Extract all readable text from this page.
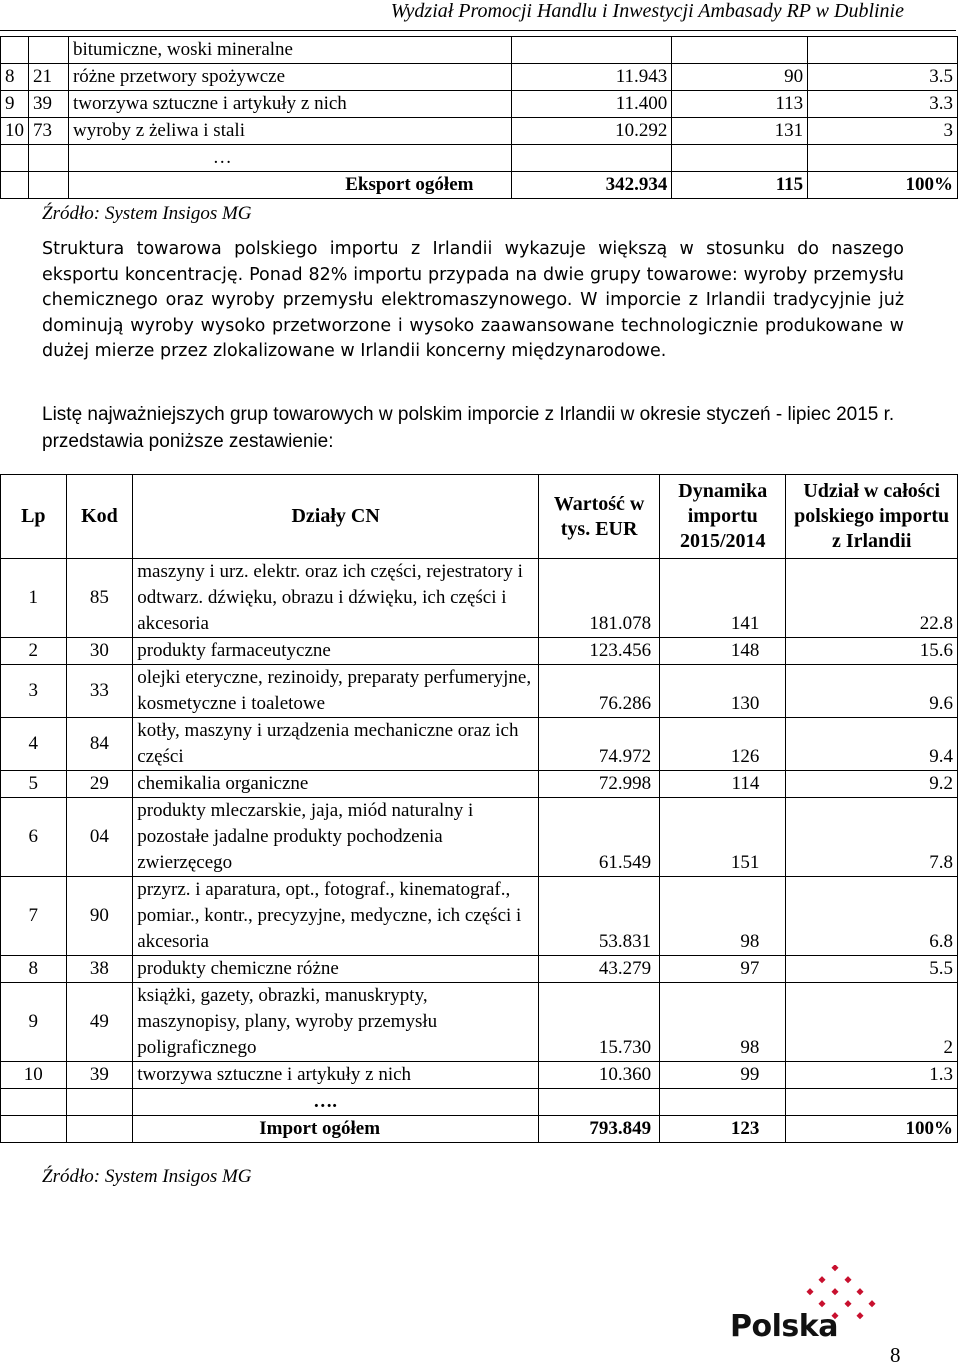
Wydział Promocji Handlu i Inwestycji Ambasady RP w Dublinie
		bitumiczne, woski mineralne			
8	21	różne przetwory spożywcze	11.943	90	3.5
9	39	tworzywa sztuczne i artykuły z nich	11.400	113	3.3
10	73	wyroby z żeliwa i stali	10.292	131	3
		…			
		Eksport ogółem	342.934	115	100%
Źródło: System Insigos MG

Struktura towarowa polskiego importu z Irlandii wykazuje większą w stosunku do naszego eksportu koncentrację. Ponad 82% importu przypada na dwie grupy towarowe: wyroby przemysłu chemicznego oraz wyroby przemysłu elektromaszynowego. W imporcie z Irlandii tradycyjnie już dominują wyroby wysoko przetworzone i wysoko zaawansowane technologicznie produkowane w dużej mierze przez zlokalizowane w Irlandii koncerny międzynarodowe.

Listę najważniejszych grup towarowych w polskim imporcie z Irlandii w okresie styczeń - lipiec 2015 r. przedstawia poniższe zestawienie:

Lp	Kod	Działy CN	Wartość w tys. EUR	Dynamika importu 2015/2014	Udział w całości polskiego importu z Irlandii
1	85	maszyny i urz. elektr. oraz ich części, rejestratory i odtwarz. dźwięku, obrazu i dźwięku, ich części i akcesoria	181.078	141	22.8
2	30	produkty farmaceutyczne	123.456	148	15.6
3	33	olejki eteryczne, rezinoidy, preparaty perfumeryjne, kosmetyczne i toaletowe	76.286	130	9.6
4	84	kotły, maszyny i urządzenia mechaniczne oraz ich części	74.972	126	9.4
5	29	chemikalia organiczne	72.998	114	9.2
6	04	produkty mleczarskie, jaja, miód naturalny i pozostałe jadalne produkty pochodzenia zwierzęcego	61.549	151	7.8
7	90	przyrz. i aparatura, opt., fotograf., kinematograf., pomiar., kontr., precyzyjne, medyczne, ich części i akcesoria	53.831	98	6.8
8	38	produkty chemiczne różne	43.279	97	5.5
9	49	książki, gazety, obrazki, manuskrypty, maszynopisy, plany, wyroby przemysłu poligraficznego	15.730	98	2
10	39	tworzywa sztuczne i artykuły z nich	10.360	99	1.3
		….			
		Import ogółem	793.849	123	100%
Źródło: System Insigos MG
Polska
8
